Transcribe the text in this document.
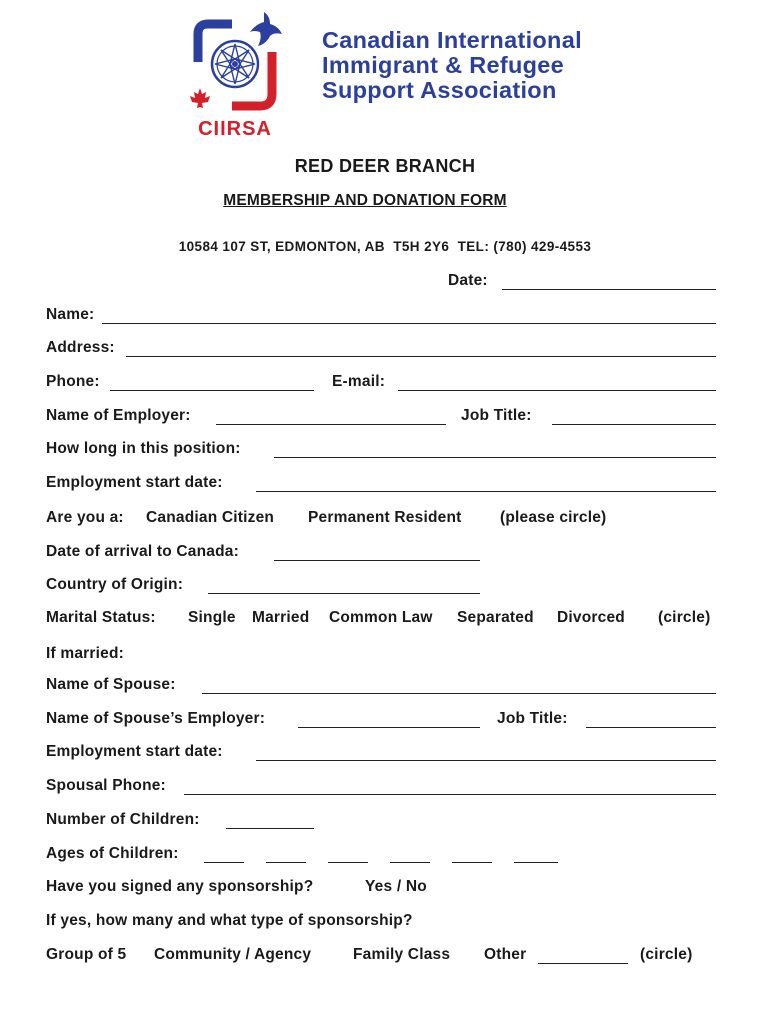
CIIRSA
Canadian International
Immigrant & Refugee
Support Association
RED DEER BRANCH
MEMBERSHIP AND DONATION FORM
10584 107 ST, EDMONTON, AB  T5H 2Y6  TEL: (780) 429-4553
Date:
Name:
Address:
Phone:	E-mail:
Name of Employer:	Job Title:
How long in this position:
Employment start date:
Are you a: Canadian Citizen Permanent Resident (please circle)
Date of arrival to Canada:
Country of Origin:
Marital Status: Single Married Common Law Separated Divorced (circle)
If married:
Name of Spouse:
Name of Spouse’s Employer:	Job Title:
Employment start date:
Spousal Phone:
Number of Children:
Ages of Children:
Have you signed any sponsorship?	Yes / No
If yes, how many and what type of sponsorship?
Group of 5 Community / Agency	Family Class Other	(circle)
